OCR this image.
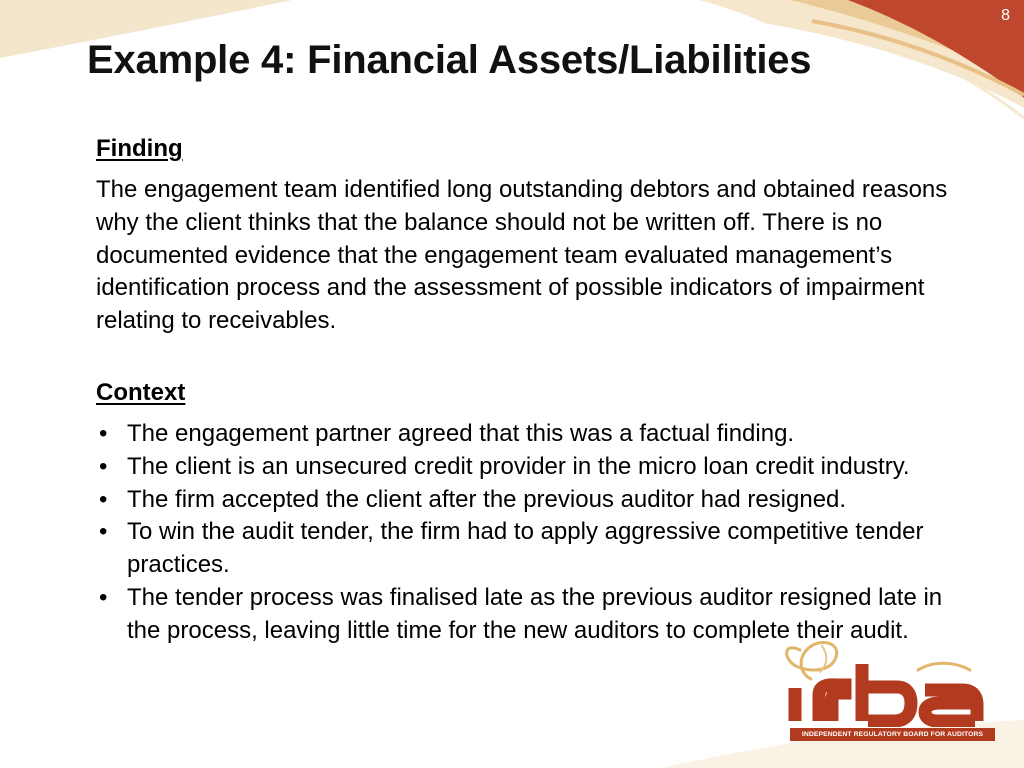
8
Example 4: Financial Assets/Liabilities
Finding

The engagement team identified long outstanding debtors and obtained reasons why the client thinks that the balance should not be written off. There is no documented evidence that the engagement team evaluated management’s identification process and the assessment of possible indicators of impairment relating to receivables.

Context
• The engagement partner agreed that this was a factual finding.
• The client is an unsecured credit provider in the micro loan credit industry.
• The firm accepted the client after the previous auditor had resigned.
• To win the audit tender, the firm had to apply aggressive competitive tender practices.
• The tender process was finalised late as the previous auditor resigned late in the process, leaving little time for the new auditors to complete their audit.
INDEPENDENT REGULATORY BOARD FOR AUDITORS
